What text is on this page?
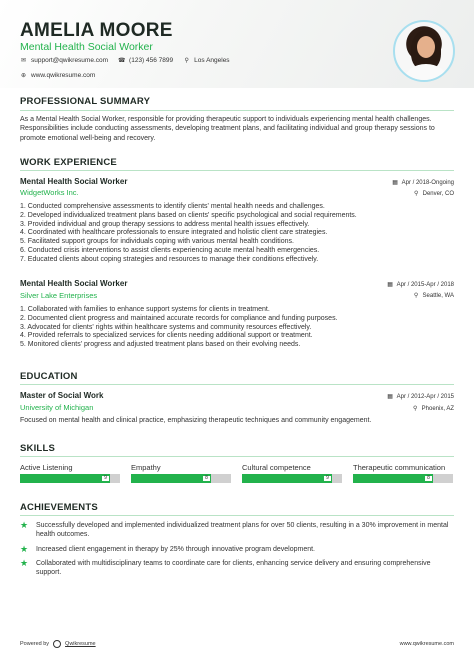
AMELIA MOORE
Mental Health Social Worker
✉ support@qwikresume.com ☎ (123) 456 7899 ⚲ Los Angeles
⊕ www.qwikresume.com
PROFESSIONAL SUMMARY
As a Mental Health Social Worker, responsible for providing therapeutic support to individuals experiencing mental health challenges. Responsibilities include conducting assessments, developing treatment plans, and facilitating individual and group therapy sessions to promote emotional well-being and recovery.
WORK EXPERIENCE
Mental Health Social Worker	▦ Apr / 2018-Ongoing
WidgetWorks Inc.	⚲ Denver, CO
1. Conducted comprehensive assessments to identify clients' mental health needs and challenges.
2. Developed individualized treatment plans based on clients' specific psychological and social requirements.
3. Provided individual and group therapy sessions to address mental health issues effectively.
4. Coordinated with healthcare professionals to ensure integrated and holistic client care strategies.
5. Facilitated support groups for individuals coping with various mental health conditions.
6. Conducted crisis interventions to assist clients experiencing acute mental health emergencies.
7. Educated clients about coping strategies and resources to manage their conditions effectively.
Mental Health Social Worker	▦ Apr / 2015-Apr / 2018
Silver Lake Enterprises	⚲ Seattle, WA
1. Collaborated with families to enhance support systems for clients in treatment.
2. Documented client progress and maintained accurate records for compliance and funding purposes.
3. Advocated for clients' rights within healthcare systems and community resources effectively.
4. Provided referrals to specialized services for clients needing additional support or treatment.
5. Monitored clients' progress and adjusted treatment plans based on their evolving needs.
EDUCATION
Master of Social Work	▦ Apr / 2012-Apr / 2015
University of Michigan	⚲ Phoenix, AZ
Focused on mental health and clinical practice, emphasizing therapeutic techniques and community engagement.
SKILLS
Active Listening
9
Empathy
8
Cultural competence
9
Therapeutic communication
8
ACHIEVEMENTS
★ Successfully developed and implemented individualized treatment plans for over 50 clients, resulting in a 30% improvement in mental health outcomes.
★ Increased client engagement in therapy by 25% through innovative program development.
★ Collaborated with multidisciplinary teams to coordinate care for clients, enhancing service delivery and ensuring comprehensive support.
Powered by	Qwikresume	www.qwikresume.com
